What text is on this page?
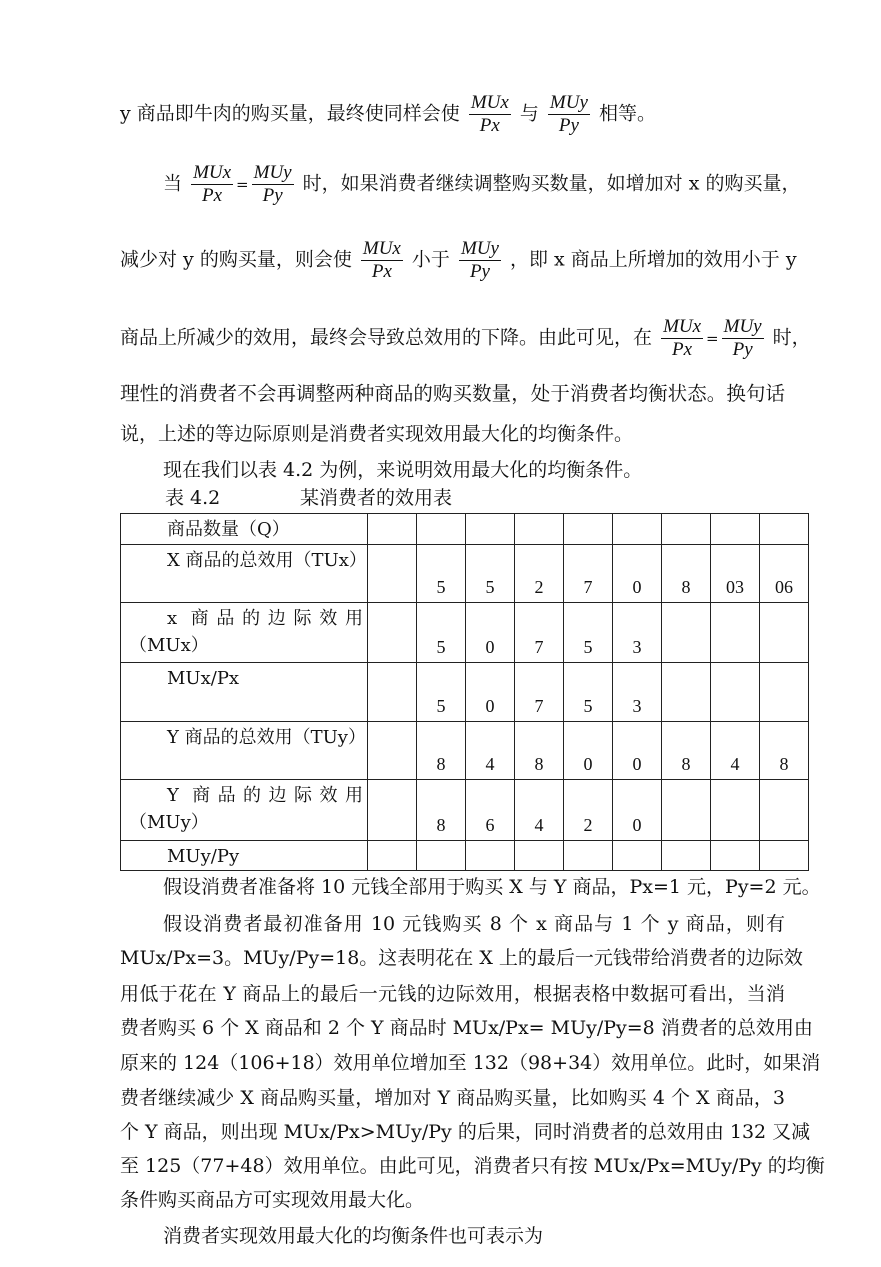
y 商品即牛肉的购买量，最终使同样会使 $\frac{\text{MUx}}{Px}$ 与 $\frac{\text{MUy}}{Py}$ 相等。
当 $\frac{\text{MUx}}{Px} = \frac{\text{MUy}}{Py}$ 时，如果消费者继续调整购买数量，如增加对 x 的购买量，
减少对 y 的购买量，则会使 $\frac{\text{MUx}}{Px}$ 小于 $\frac{\text{MUy}}{Py}$ ，即 x 商品上所增加的效用小于 y
商品上所减少的效用，最终会导致总效用的下降。由此可见，在 $\frac{\text{MUx}}{Px} = \frac{\text{MUy}}{Py}$ 时，
理性的消费者不会再调整两种商品的购买数量，处于消费者均衡状态。换句话
说，上述的等边际原则是消费者实现效用最大化的均衡条件。
现在我们以表 4.2 为例，来说明效用最大化的均衡条件。
表 4.2	某消费者的效用表
商品数量（Q）									

X 商品的总效用（TUx）		5	5	2	7	0	8	03	06

x 商品的边际效用
（MUx）		5	0	7	5	3			

MUx/Px		5	0	7	5	3			

Y 商品的总效用（TUy）		8	4	8	0	0	8	4	8

Y 商品的边际效用
（MUy）		8	6	4	2	0			

MUy/Py									

假设消费者准备将 10 元钱全部用于购买 X 与 Y 商品，Px=1 元，Py=2 元。
假设消费者最初准备用 10 元钱购买 8 个 x 商品与 1 个 y 商品，则有
MUx/Px=3。MUy/Py=18。这表明花在 X 上的最后一元钱带给消费者的边际效
用低于花在 Y 商品上的最后一元钱的边际效用，根据表格中数据可看出，当消
费者购买 6 个 X 商品和 2 个 Y 商品时 MUx/Px= MUy/Py=8 消费者的总效用由
原来的 124（106+18）效用单位增加至 132（98+34）效用单位。此时，如果消
费者继续减少 X 商品购买量，增加对 Y 商品购买量，比如购买 4 个 X 商品，3
个 Y 商品，则出现 MUx/Px>MUy/Py 的后果，同时消费者的总效用由 132 又减
至 125（77+48）效用单位。由此可见，消费者只有按 MUx/Px=MUy/Py 的均衡
条件购买商品方可实现效用最大化。
消费者实现效用最大化的均衡条件也可表示为
